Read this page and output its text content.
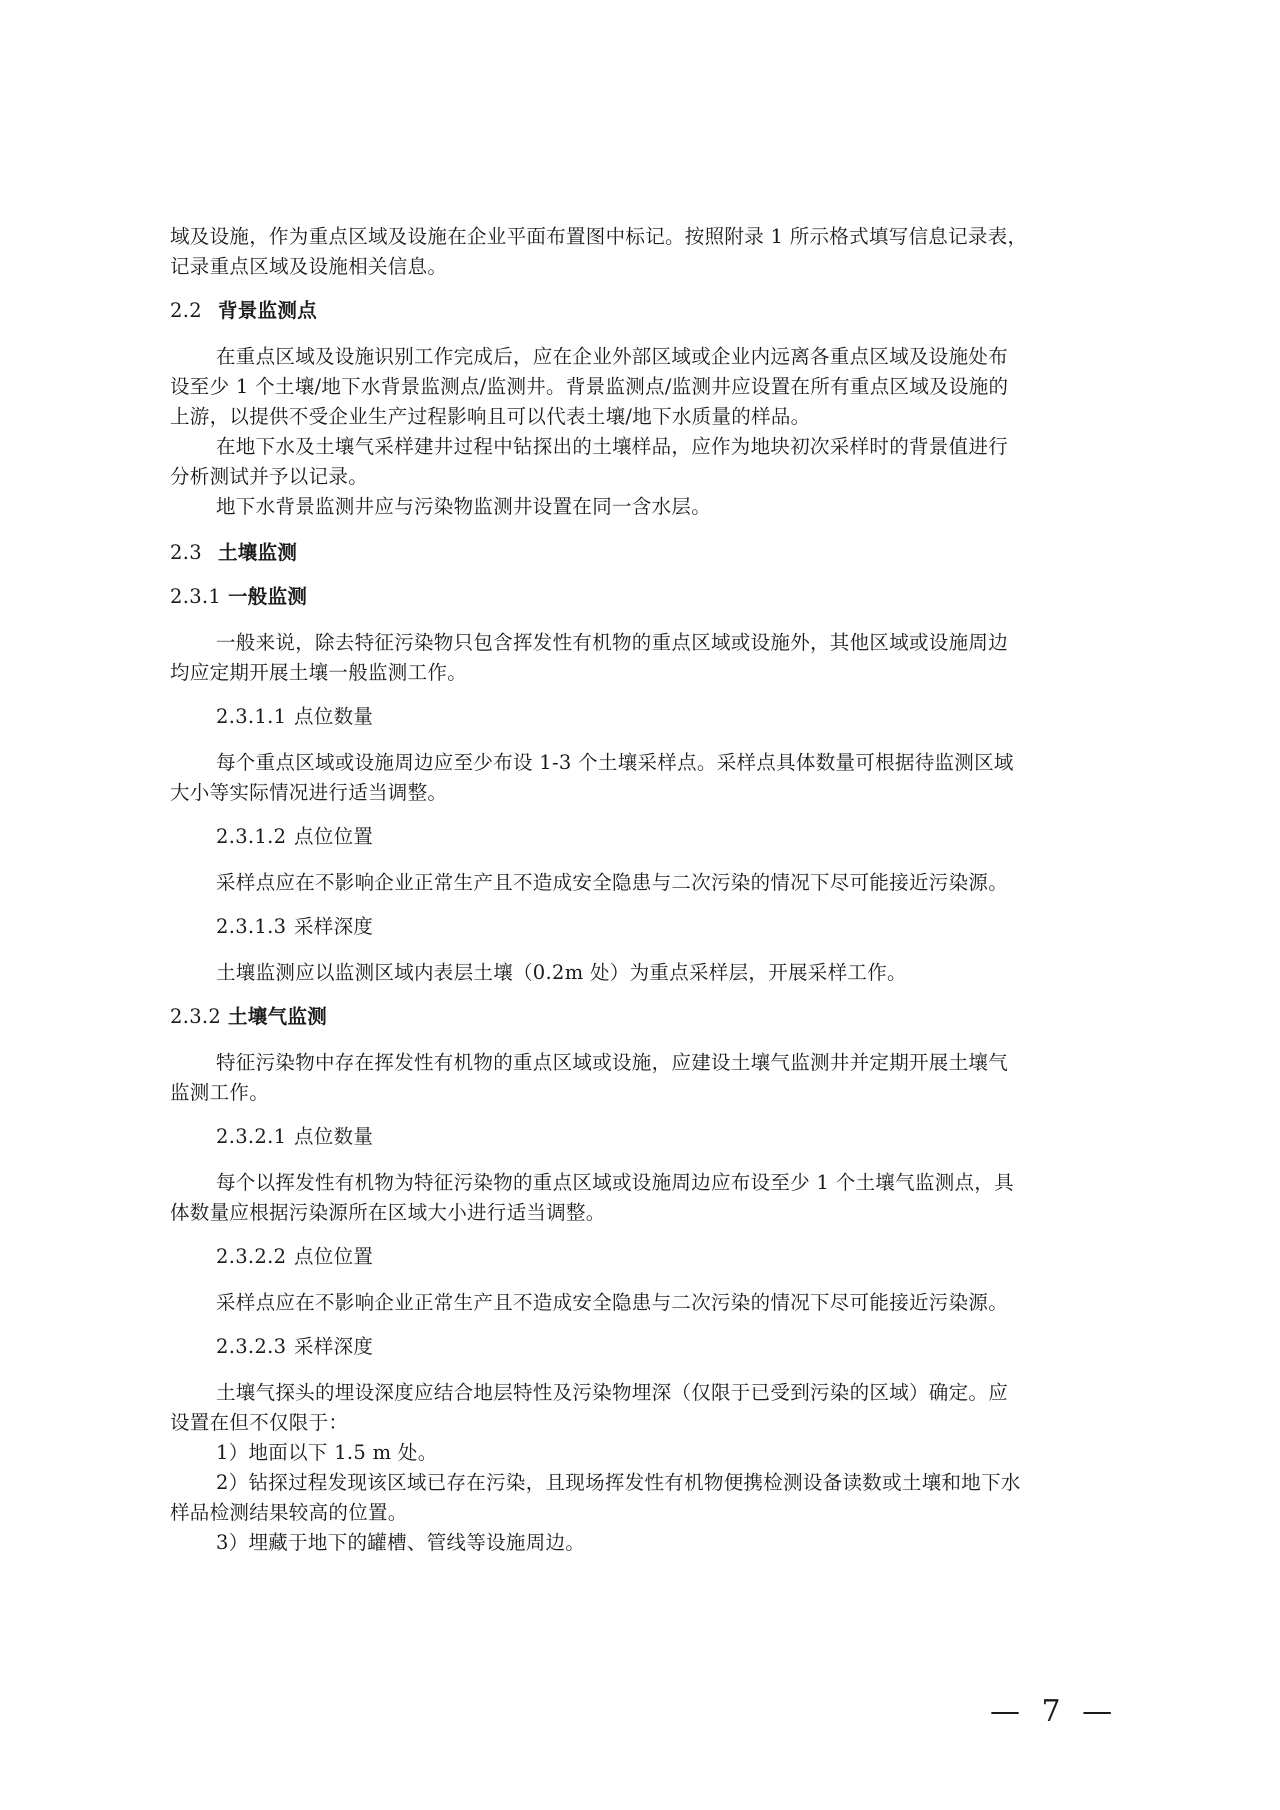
域及设施，作为重点区域及设施在企业平面布置图中标记。按照附录 1 所示格式填写信息记录表，
记录重点区域及设施相关信息。
2.2 背景监测点
在重点区域及设施识别工作完成后，应在企业外部区域或企业内远离各重点区域及设施处布
设至少 1 个土壤/地下水背景监测点/监测井。背景监测点/监测井应设置在所有重点区域及设施的
上游，以提供不受企业生产过程影响且可以代表土壤/地下水质量的样品。
在地下水及土壤气采样建井过程中钻探出的土壤样品，应作为地块初次采样时的背景值进行
分析测试并予以记录。
地下水背景监测井应与污染物监测井设置在同一含水层。
2.3 土壤监测
2.3.1 一般监测
一般来说，除去特征污染物只包含挥发性有机物的重点区域或设施外，其他区域或设施周边
均应定期开展土壤一般监测工作。
2.3.1.1 点位数量
每个重点区域或设施周边应至少布设 1-3 个土壤采样点。采样点具体数量可根据待监测区域
大小等实际情况进行适当调整。
2.3.1.2 点位位置
采样点应在不影响企业正常生产且不造成安全隐患与二次污染的情况下尽可能接近污染源。
2.3.1.3 采样深度
土壤监测应以监测区域内表层土壤（0.2m 处）为重点采样层，开展采样工作。
2.3.2 土壤气监测
特征污染物中存在挥发性有机物的重点区域或设施，应建设土壤气监测井并定期开展土壤气
监测工作。
2.3.2.1 点位数量
每个以挥发性有机物为特征污染物的重点区域或设施周边应布设至少 1 个土壤气监测点，具
体数量应根据污染源所在区域大小进行适当调整。
2.3.2.2 点位位置
采样点应在不影响企业正常生产且不造成安全隐患与二次污染的情况下尽可能接近污染源。
2.3.2.3 采样深度
土壤气探头的埋设深度应结合地层特性及污染物埋深（仅限于已受到污染的区域）确定。应
设置在但不仅限于：
1）地面以下 1.5 m 处。
2）钻探过程发现该区域已存在污染，且现场挥发性有机物便携检测设备读数或土壤和地下水
样品检测结果较高的位置。
3）埋藏于地下的罐槽、管线等设施周边。
— 7 —
